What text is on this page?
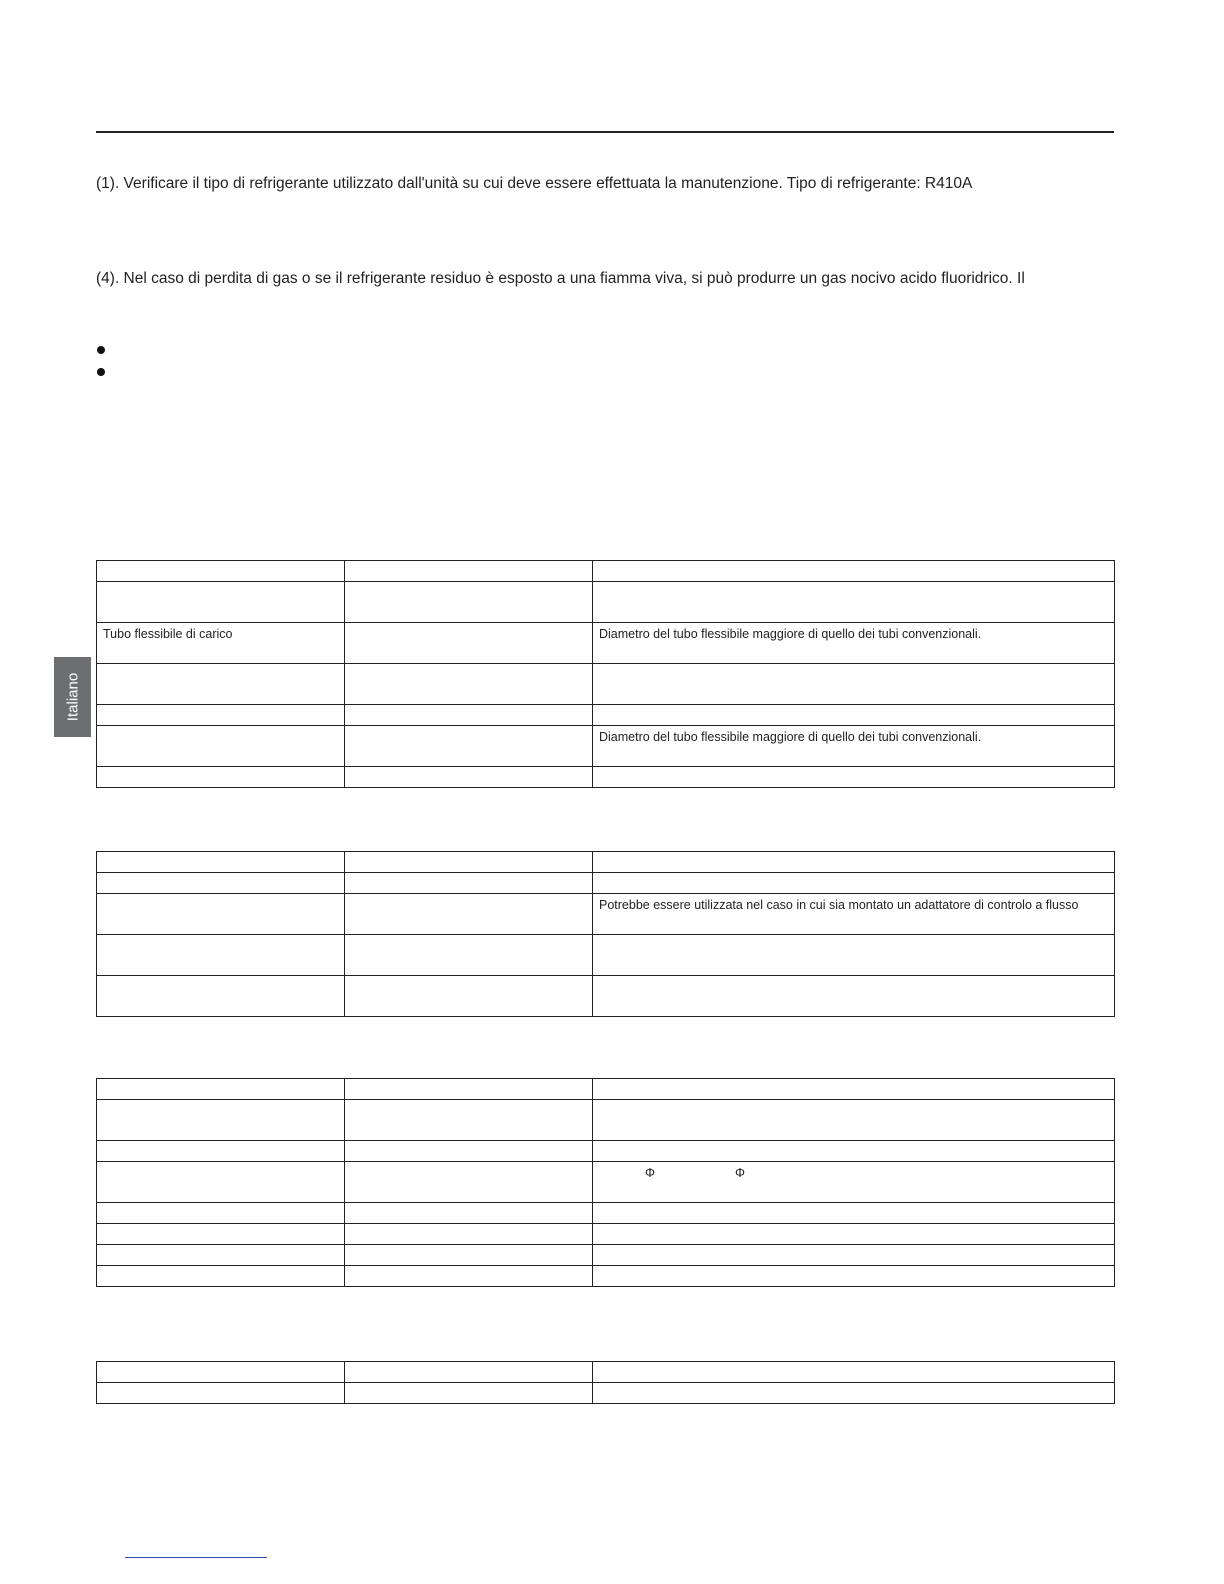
(1). Verificare il tipo di refrigerante utilizzato dall'unità su cui deve essere effettuata la manutenzione. Tipo di refrigerante: R410A
(4). Nel caso di perdita di gas o se il refrigerante residuo è esposto a una fiamma viva, si può produrre un gas nocivo acido fluoridrico. Il
Italiano

Tubo flessibile di carico		Diametro del tubo flessibile maggiore di quello dei tubi convenzionali.

		Diametro del tubo flessibile maggiore di quello dei tubi convenzionali.

		Potrebbe essere utilizzata nel caso in cui sia montato un adattatore di controlo a flusso

		Φ Φ
